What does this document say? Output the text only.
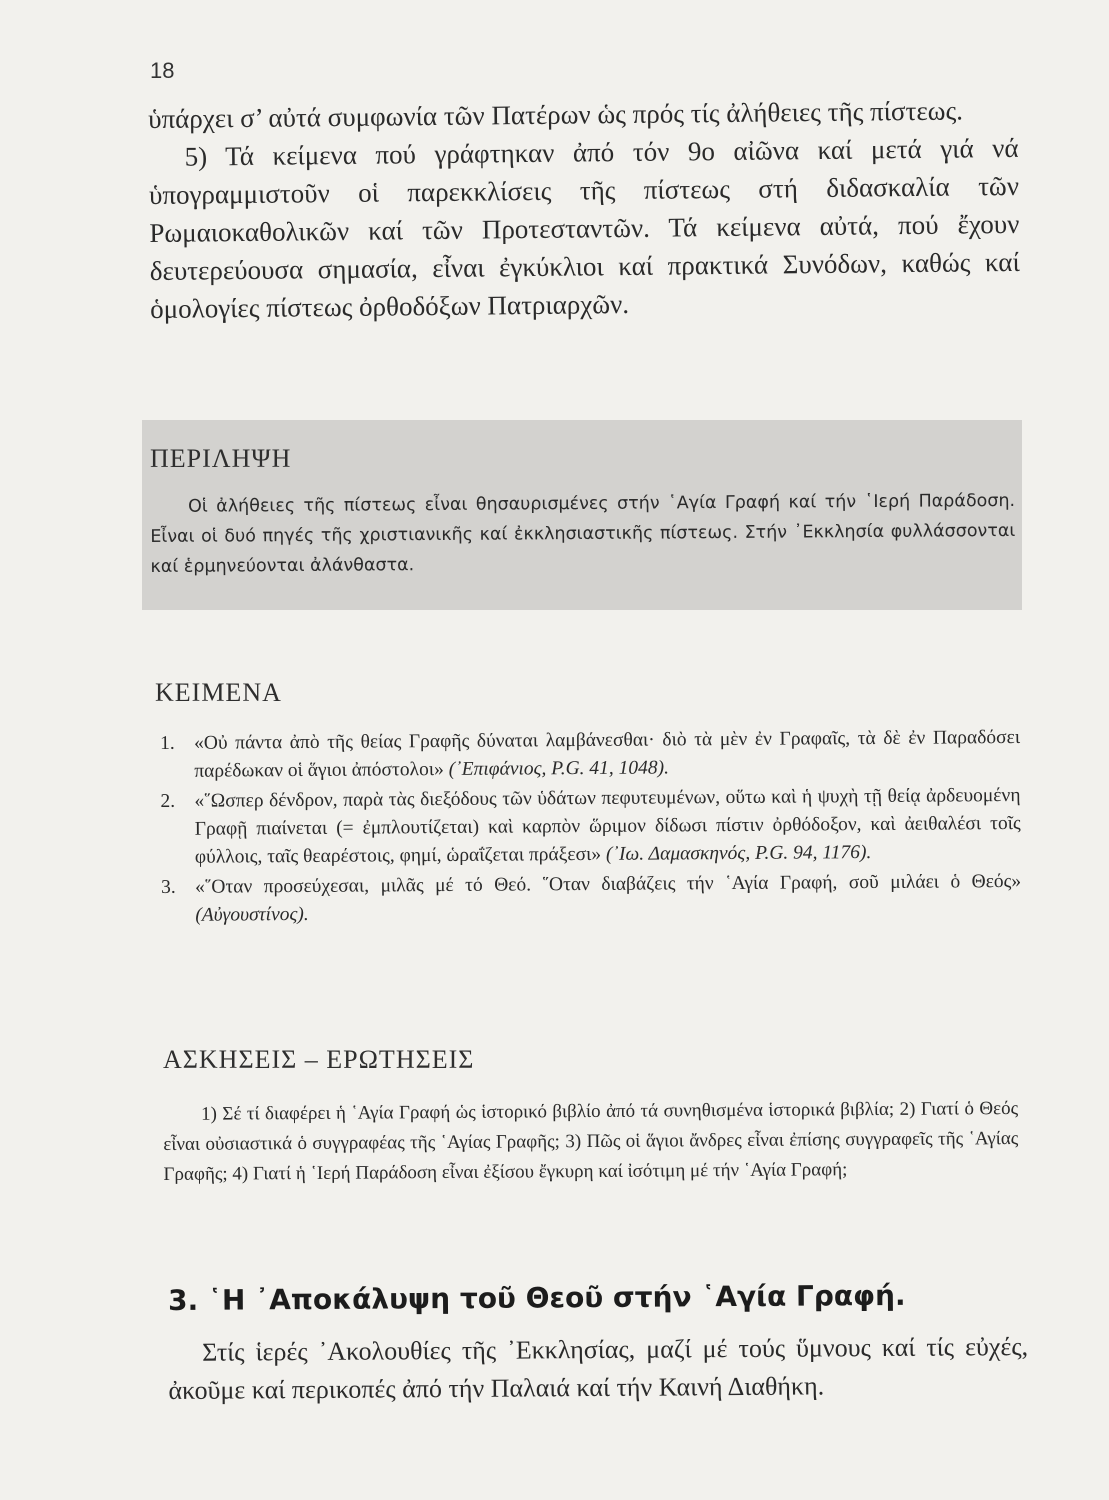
18

ὑπάρχει σ’ αὐτά συμφωνία τῶν Πατέρων ὡς πρός τίς ἀλήθειες τῆς πίστεως.

5) Τά κείμενα πού γράφτηκαν ἀπό τόν 9ο αἰῶνα καί μετά γιά νά ὑπογραμμιστοῦν οἱ παρεκκλίσεις τῆς πίστεως στή διδασκαλία τῶν Ρωμαιοκαθολικῶν καί τῶν Προτεσταντῶν. Τά κείμενα αὐτά, πού ἔχουν δευτερεύουσα σημασία, εἶναι ἐγκύκλιοι καί πρακτικά Συνόδων, καθώς καί ὁμολογίες πίστεως ὀρθοδόξων Πατριαρχῶν.

ΠΕΡΙΛΗΨΗ
Οἱ ἀλήθειες τῆς πίστεως εἶναι θησαυρισμένες στήν ῾Αγία Γραφή καί τήν ῾Ιερή Παράδοση. Εἶναι οἱ δυό πηγές τῆς χριστιανικῆς καί ἐκκλησιαστικῆς πίστεως. Στήν ᾿Εκκλησία φυλλάσσονται καί ἑρμηνεύονται ἀλάνθαστα.
ΚΕΙΜΕΝΑ
1. «Οὐ πάντα ἀπὸ τῆς θείας Γραφῆς δύναται λαμβάνεσθαι· διὸ τὰ μὲν ἐν Γραφαῖς, τὰ δὲ ἐν Παραδόσει παρέδωκαν οἱ ἅγιοι ἀπόστολοι» (᾿Επιφάνιος, P.G. 41, 1048).
2. «῞Ωσπερ δένδρον, παρὰ τὰς διεξόδους τῶν ὑδάτων πεφυτευμένων, οὕτω καὶ ἡ ψυχὴ τῇ θείᾳ ἀρδευομένη Γραφῇ πιαίνεται (= ἐμπλουτίζεται) καὶ καρπὸν ὥριμον δίδωσι πίστιν ὀρθόδοξον, καὶ ἀειθαλέσι τοῖς φύλλοις, ταῖς θεαρέστοις, φημί, ὡραΐζεται πράξεσι» (᾿Ιω. Δαμασκηνός, P.G. 94, 1176).
3. «῞Οταν προσεύχεσαι, μιλᾶς μέ τό Θεό. ῞Οταν διαβάζεις τήν ῾Αγία Γραφή, σοῦ μιλάει ὁ Θεός» (Αὐγουστίνος).
ΑΣΚΗΣΕΙΣ – ΕΡΩΤΗΣΕΙΣ
1) Σέ τί διαφέρει ἡ ῾Αγία Γραφή ὡς ἱστορικό βιβλίο ἀπό τά συνηθισμένα ἱστορικά βιβλία; 2) Γιατί ὁ Θεός εἶναι οὐσιαστικά ὁ συγγραφέας τῆς ῾Αγίας Γραφῆς; 3) Πῶς οἱ ἅγιοι ἄνδρες εἶναι ἐπίσης συγγραφεῖς τῆς ῾Αγίας Γραφῆς; 4) Γιατί ἡ ῾Ιερή Παράδοση εἶναι ἐξίσου ἔγκυρη καί ἰσότιμη μέ τήν ῾Αγία Γραφή;
3. ῾Η ᾿Αποκάλυψη τοῦ Θεοῦ στήν ῾Αγία Γραφή.
Στίς ἱερές ᾿Ακολουθίες τῆς ᾿Εκκλησίας, μαζί μέ τούς ὕμνους καί τίς εὐχές, ἀκοῦμε καί περικοπές ἀπό τήν Παλαιά καί τήν Καινή Διαθήκη.
